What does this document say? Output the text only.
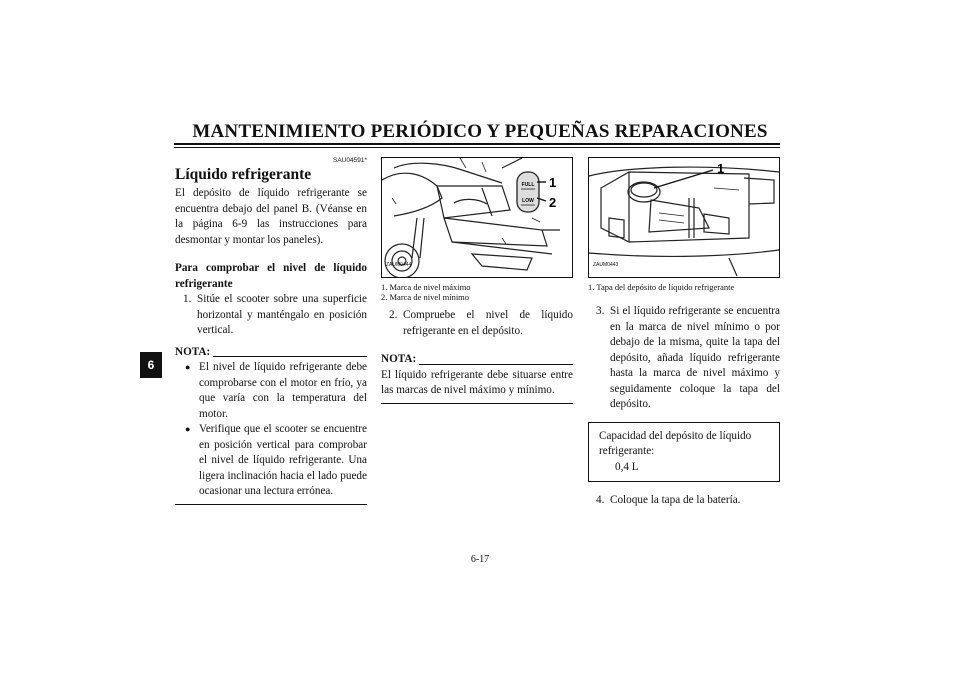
MANTENIMIENTO PERIÓDICO Y PEQUEÑAS REPARACIONES
6
SAU04591*
Líquido refrigerante

El depósito de líquido refrigerante se encuentra debajo del panel B. (Véanse en la página 6-9 las instrucciones para desmontar y montar los paneles).

Para comprobar el nivel de líquido refrigerante

1. Sitúe el scooter sobre una superficie horizontal y manténgalo en posición vertical.
NOTA:
● El nivel de líquido refrigerante debe comprobarse con el motor en frío, ya que varía con la temperatura del motor.
● Verifique que el scooter se encuentre en posición vertical para comprobar el nivel de líquido refrigerante. Una ligera inclinación hacia el lado puede ocasionar una lectura errónea.
FULL
LOW
1
2
ZAUM0444
1. Marca de nivel máximo
2. Marca de nivel mínimo
2. Compruebe el nivel de líquido refrigerante en el depósito.
NOTA:

El líquido refrigerante debe situarse entre las marcas de nivel máximo y mínimo.

1
ZAUM0443
1. Tapa del depósito de líquido refrigerante
3. Si el líquido refrigerante se encuentra en la marca de nivel mínimo o por debajo de la misma, quite la tapa del depósito, añada líquido refrigerante hasta la marca de nivel máximo y seguidamente coloque la tapa del depósito.
Capacidad del depósito de líquido
refrigerante:
0,4 L
4. Coloque la tapa de la batería.
6-17
